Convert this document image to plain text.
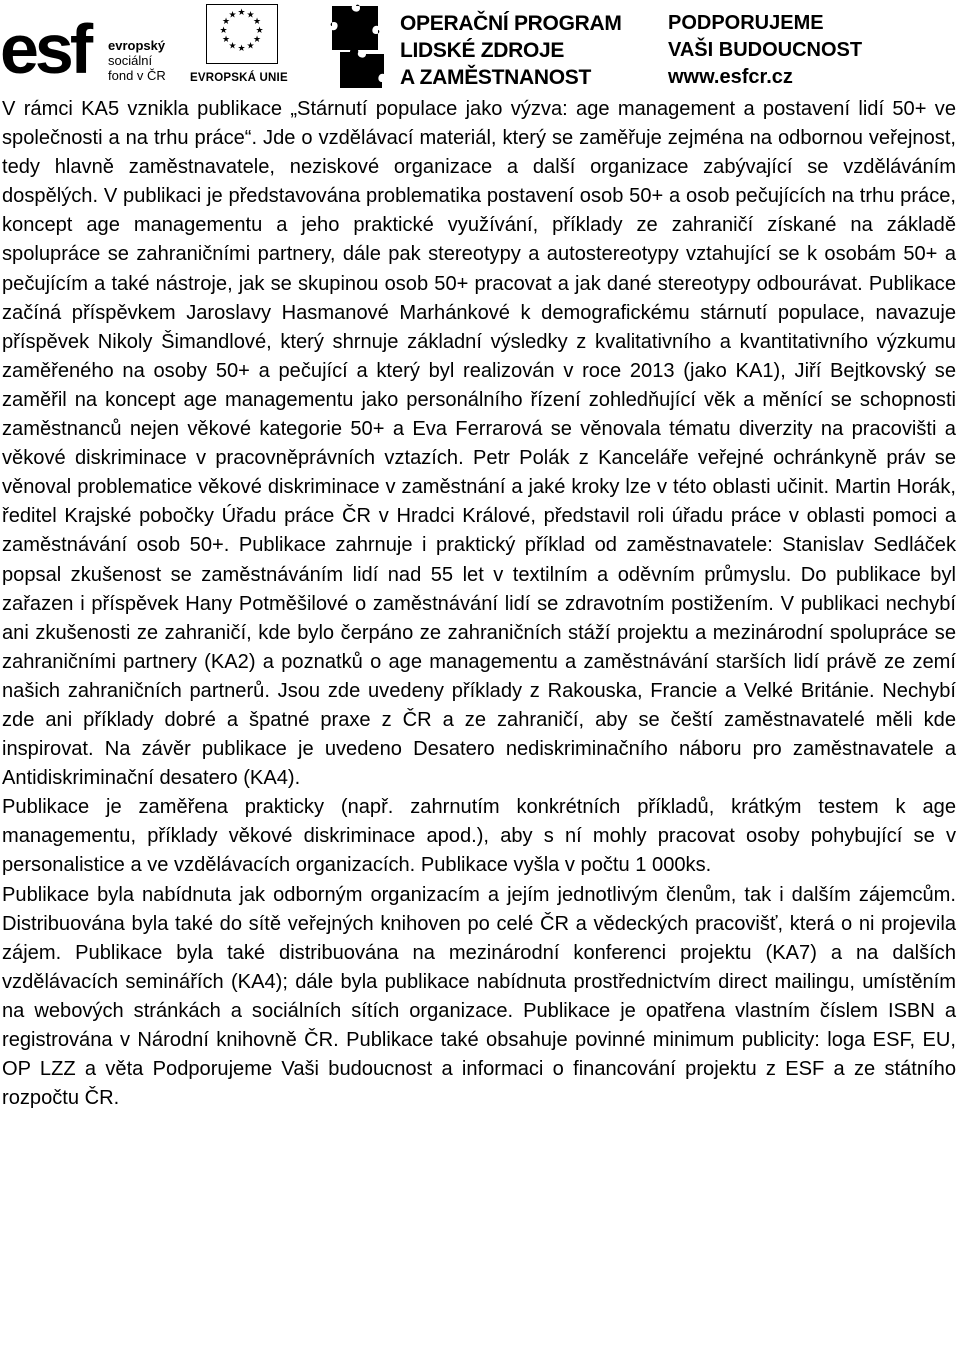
esf evropský
sociální
fond v ČR
★ ★
★
★
★
★
★
★
★
★
★
★
EVROPSKÁ UNIE
OPERAČNÍ PROGRAM
LIDSKÉ ZDROJE
A ZAMĚSTNANOST
PODPORUJEME
VAŠI BUDOUCNOST
www.esfcr.cz

V rámci KA5 vznikla publikace „Stárnutí populace jako výzva: age management a postavení lidí 50+ ve společnosti a na trhu práce“. Jde o vzdělávací materiál, který se zaměřuje zejména na odbornou veřejnost, tedy hlavně zaměstnavatele, neziskové organizace a další organizace zabývající se vzděláváním dospělých. V publikaci je představována problematika postavení osob 50+ a osob pečujících na trhu práce, koncept age managementu a jeho praktické využívání, příklady ze zahraničí získané na základě spolupráce se zahraničními partnery, dále pak stereotypy a autostereotypy vztahující se k osobám 50+ a pečujícím a také nástroje, jak se skupinou osob 50+ pracovat a jak dané stereotypy odbourávat. Publikace začíná příspěvkem Jaroslavy Hasmanové Marhánkové k demografickému stárnutí populace, navazuje příspěvek Nikoly Šimandlové, který shrnuje základní výsledky z kvalitativního a kvantitativního výzkumu zaměřeného na osoby 50+ a pečující a který byl realizován v roce 2013 (jako KA1), Jiří Bejtkovský se zaměřil na koncept age managementu jako personálního řízení zohledňující věk a měnící se schopnosti zaměstnanců nejen věkové kategorie 50+ a Eva Ferrarová se věnovala tématu diverzity na pracovišti a věkové diskriminace v pracovněprávních vztazích. Petr Polák z Kanceláře veřejné ochránkyně práv se věnoval problematice věkové diskriminace v zaměstnání a jaké kroky lze v této oblasti učinit. Martin Horák, ředitel Krajské pobočky Úřadu práce ČR v Hradci Králové, představil roli úřadu práce v oblasti pomoci a zaměstnávání osob 50+. Publikace zahrnuje i praktický příklad od zaměstnavatele: Stanislav Sedláček popsal zkušenost se zaměstnáváním lidí nad 55 let v textilním a oděvním průmyslu. Do publikace byl zařazen i příspěvek Hany Potměšilové o zaměstnávání lidí se zdravotním postižením. V publikaci nechybí ani zkušenosti ze zahraničí, kde bylo čerpáno ze zahraničních stáží projektu a mezinárodní spolupráce se zahraničními partnery (KA2) a poznatků o age managementu a zaměstnávání starších lidí právě ze zemí našich zahraničních partnerů. Jsou zde uvedeny příklady z Rakouska, Francie a Velké Británie. Nechybí zde ani příklady dobré a špatné praxe z ČR a ze zahraničí, aby se čeští zaměstnavatelé měli kde inspirovat. Na závěr publikace je uvedeno Desatero nediskriminačního náboru pro zaměstnavatele a Antidiskriminační desatero (KA4).

Publikace je zaměřena prakticky (např. zahrnutím konkrétních příkladů, krátkým testem k age managementu, příklady věkové diskriminace apod.), aby s ní mohly pracovat osoby pohybující se v personalistice a ve vzdělávacích organizacích. Publikace vyšla v počtu 1 000ks.

Publikace byla nabídnuta jak odborným organizacím a jejím jednotlivým členům, tak i dalším zájemcům. Distribuována byla také do sítě veřejných knihoven po celé ČR a vědeckých pracovišť, která o ni projevila zájem. Publikace byla také distribuována na mezinárodní konferenci projektu (KA7) a na dalších vzdělávacích seminářích (KA4); dále byla publikace nabídnuta prostřednictvím direct mailingu, umístěním na webových stránkách a sociálních sítích organizace. Publikace je opatřena vlastním číslem ISBN a registrována v Národní knihovně ČR. Publikace také obsahuje povinné minimum publicity: loga ESF, EU, OP LZZ a věta Podporujeme Vaši budoucnost a informaci o financování projektu z ESF a ze státního rozpočtu ČR.
